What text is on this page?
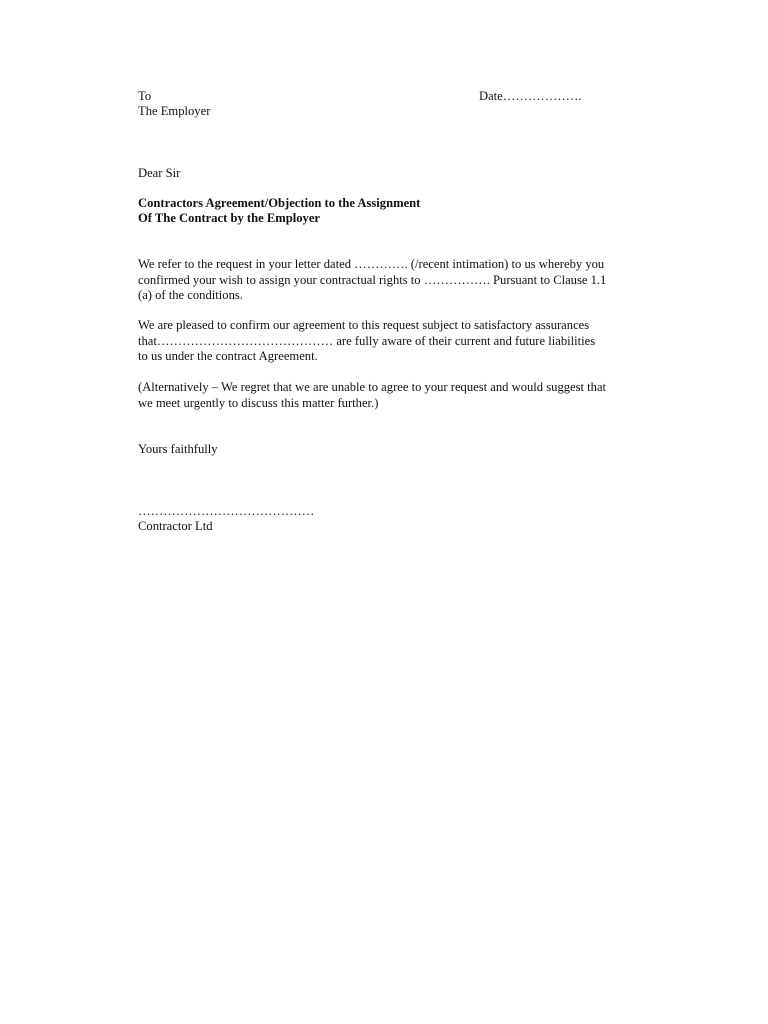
To	Date……………….
The Employer
Dear Sir
Contractors Agreement/Objection to the Assignment
Of The Contract by the Employer

We refer to the request in your letter dated …………. (/recent intimation) to us whereby you

confirmed your wish to assign your contractual rights to ……………. Pursuant to Clause 1.1

(a) of the conditions.

We are pleased to confirm our agreement to this request subject to satisfactory assurances

that…………………………………… are fully aware of their current and future liabilities

to us under the contract Agreement.

(Alternatively – We regret that we are unable to agree to your request and would suggest that

we meet urgently to discuss this matter further.)

Yours faithfully
……………………………………
Contractor Ltd
